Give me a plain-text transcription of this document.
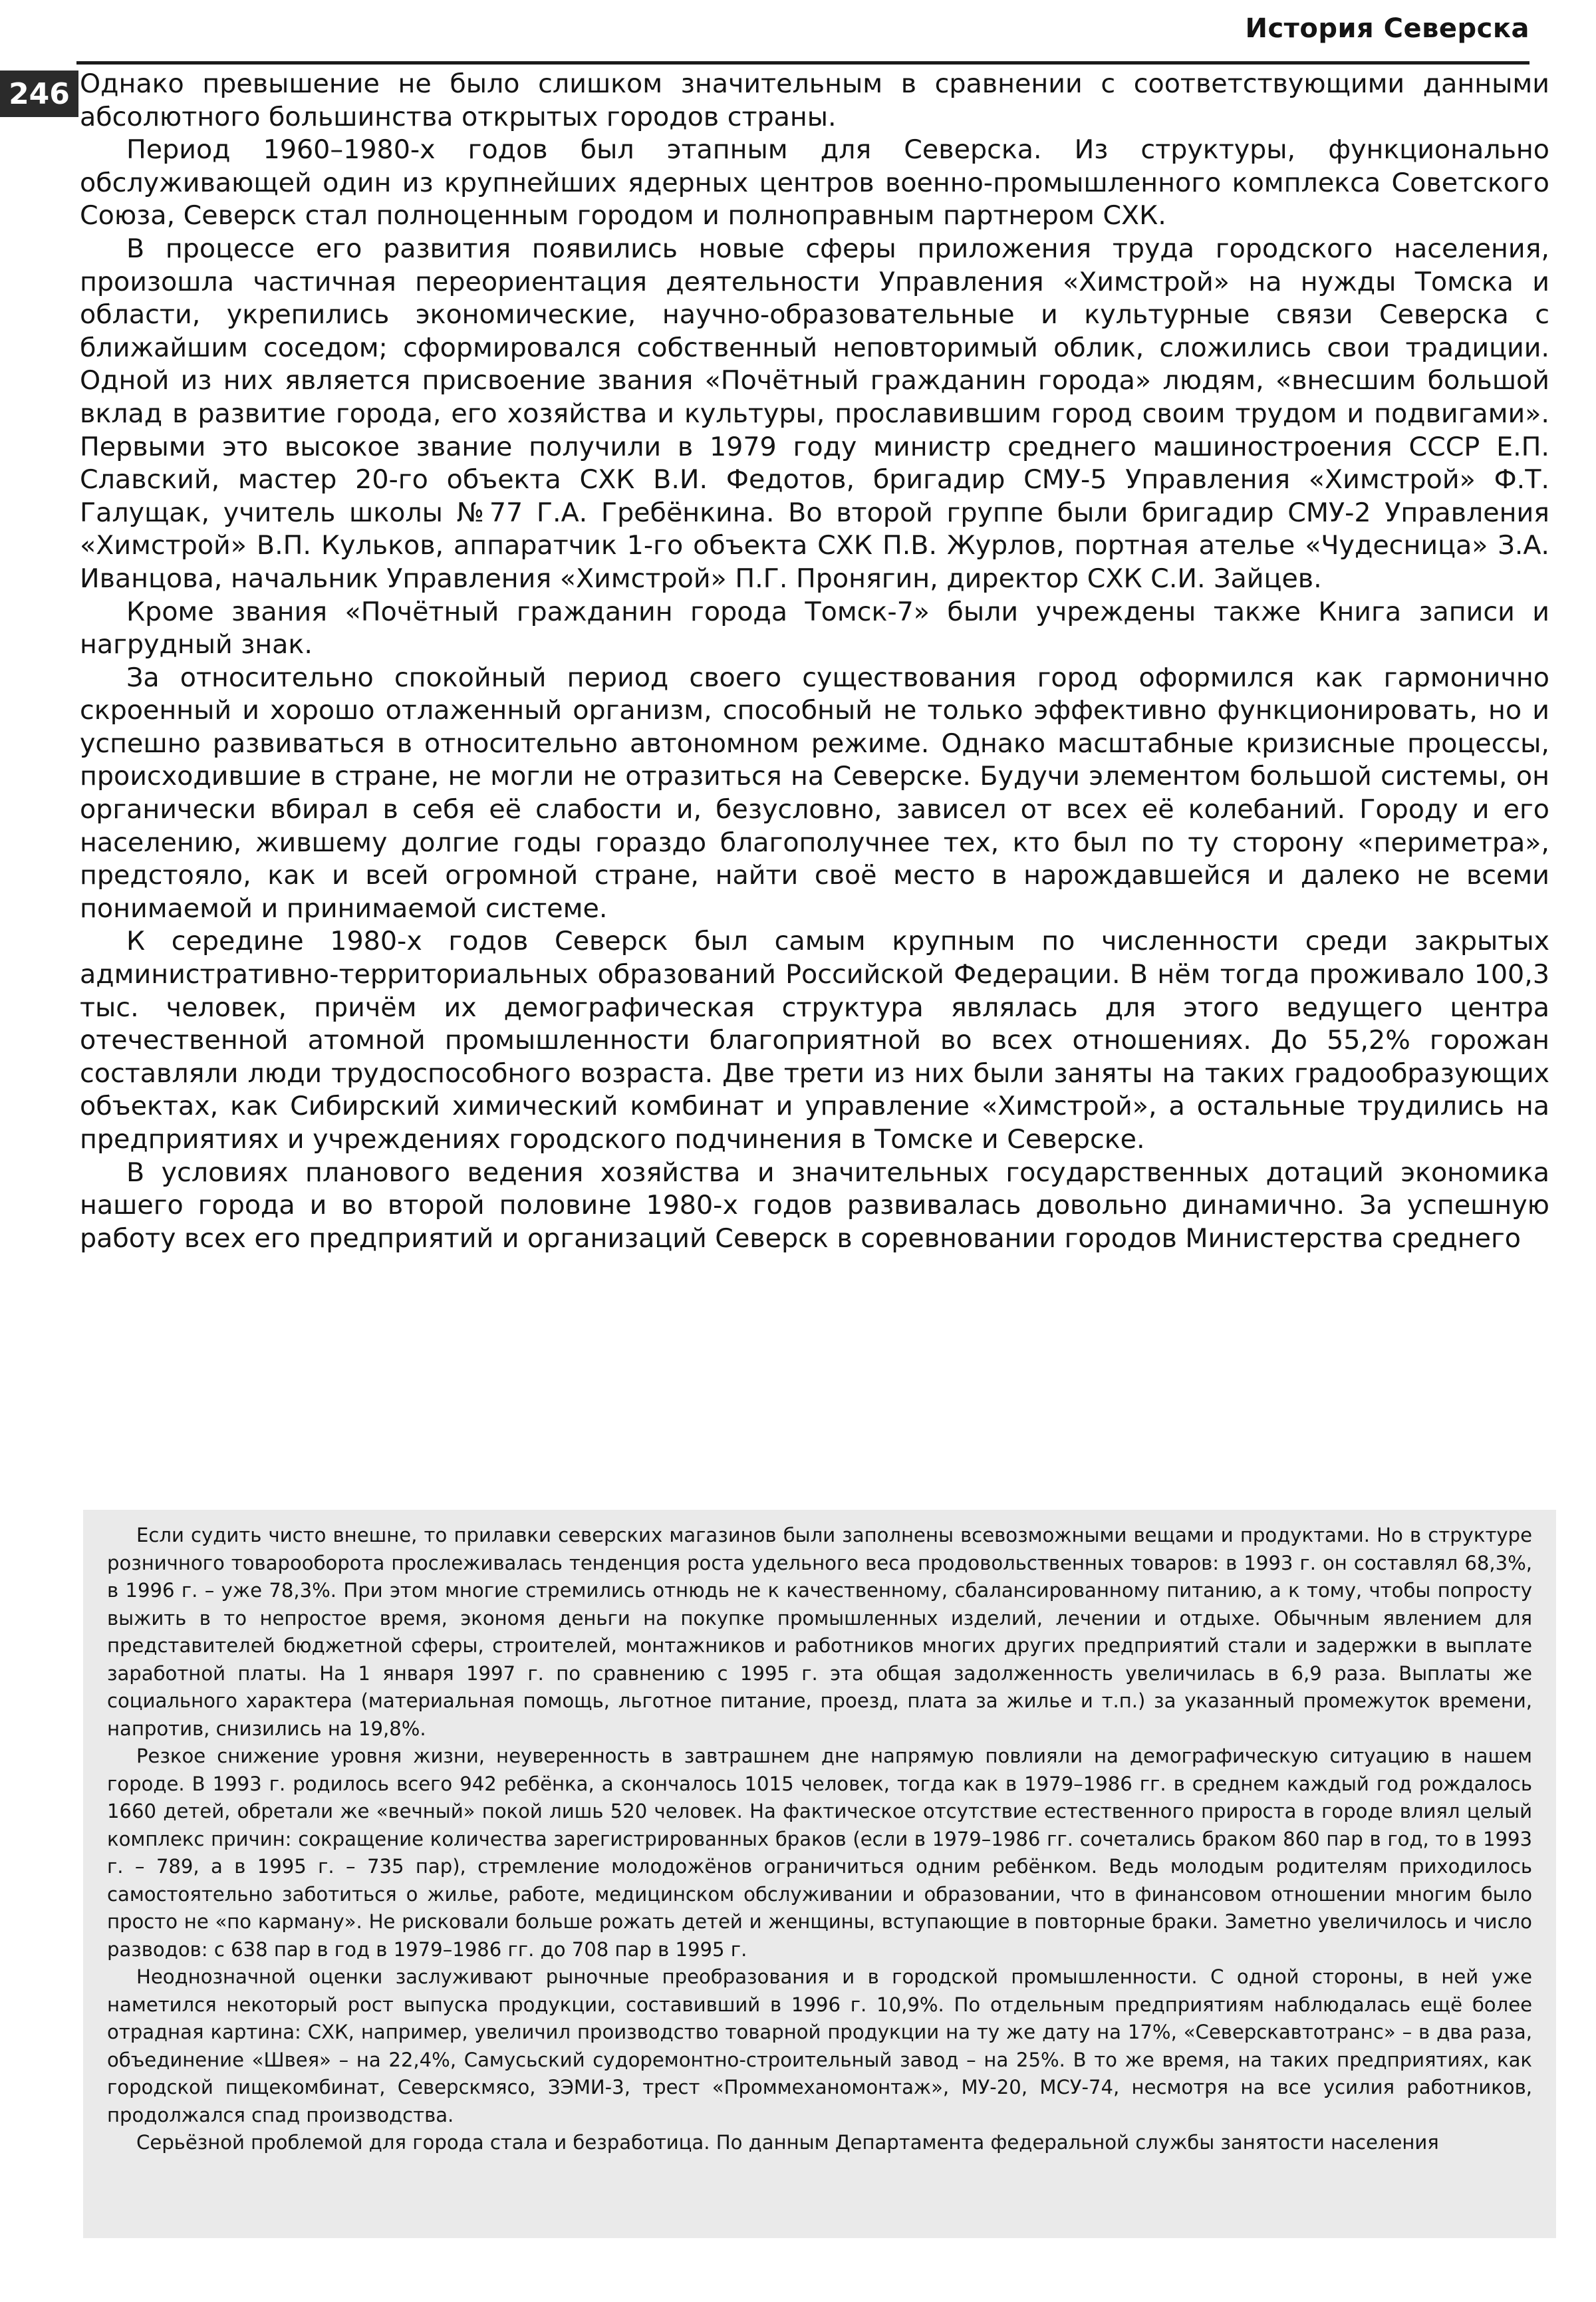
История Северска
246 Однако превышение не было слишком значительным в сравнении с соответствующими данными абсолютного большинства открытых городов страны.

Период 1960–1980-х годов был этапным для Северска. Из структуры, функционально обслуживающей один из крупнейших ядерных центров военно-промышленного комплекса Советского Союза, Северск стал полноценным городом и полноправным партнером СХК.

В процессе его развития появились новые сферы приложения труда городского населения, произошла частичная переориентация деятельности Управления «Химстрой» на нужды Томска и области, укрепились экономические, научно-образовательные и культурные связи Северска с ближайшим соседом; сформировался собственный неповторимый облик, сложились свои традиции. Одной из них является присвоение звания «Почётный гражданин города» людям, «внесшим большой вклад в развитие города, его хозяйства и культуры, прославившим город своим трудом и подвигами». Первыми это высокое звание получили в 1979 году министр среднего машиностроения СССР Е.П. Славский, мастер 20-го объекта СХК В.И. Федотов, бригадир СМУ-5 Управления «Химстрой» Ф.Т. Галущак, учитель школы №77 Г.А. Гребёнкина. Во второй группе были бригадир СМУ-2 Управления «Химстрой» В.П. Кульков, аппаратчик 1-го объекта СХК П.В. Журлов, портная ателье «Чудесница» З.А. Иванцова, начальник Управления «Химстрой» П.Г. Пронягин, директор СХК С.И. Зайцев.

Кроме звания «Почётный гражданин города Томск-7» были учреждены также Книга записи и нагрудный знак.

За относительно спокойный период своего существования город оформился как гармонично скроенный и хорошо отлаженный организм, способный не только эффективно функционировать, но и успешно развиваться в относительно автономном режиме. Однако масштабные кризисные процессы, происходившие в стране, не могли не отразиться на Северске. Будучи элементом большой системы, он органически вбирал в себя её слабости и, безусловно, зависел от всех её колебаний. Городу и его населению, жившему долгие годы гораздо благополучнее тех, кто был по ту сторону «периметра», предстояло, как и всей огромной стране, найти своё место в нарождавшейся и далеко не всеми понимаемой и принимаемой системе.

К середине 1980-х годов Северск был самым крупным по численности среди закрытых административно-территориальных образований Российской Федерации. В нём тогда проживало 100,3 тыс. человек, причём их демографическая структура являлась для этого ведущего центра отечественной атомной промышленности благоприятной во всех отношениях. До 55,2% горожан составляли люди трудоспособного возраста. Две трети из них были заняты на таких градообразующих объектах, как Сибирский химический комбинат и управление «Химстрой», а остальные трудились на предприятиях и учреждениях городского подчинения в Томске и Северске.

В условиях планового ведения хозяйства и значительных государственных дотаций экономика нашего города и во второй половине 1980-х годов развивалась довольно динамично. За успешную работу всех его предприятий и организаций Северск в соревновании городов Министерства среднего

Если судить чисто внешне, то прилавки северских магазинов были заполнены всевозможными вещами и продуктами. Но в структуре розничного товарооборота прослеживалась тенденция роста удельного веса продовольственных товаров: в 1993 г. он составлял 68,3%, в 1996 г. – уже 78,3%. При этом многие стремились отнюдь не к качественному, сбалансированному питанию, а к тому, чтобы попросту выжить в то непростое время, экономя деньги на покупке промышленных изделий, лечении и отдыхе. Обычным явлением для представителей бюджетной сферы, строителей, монтажников и работников многих других предприятий стали и задержки в выплате заработной платы. На 1 января 1997 г. по сравнению с 1995 г. эта общая задолженность увеличилась в 6,9 раза. Выплаты же социального характера (материальная помощь, льготное питание, проезд, плата за жилье и т.п.) за указанный промежуток времени, напротив, снизились на 19,8%.

Резкое снижение уровня жизни, неуверенность в завтрашнем дне напрямую повлияли на демографическую ситуацию в нашем городе. В 1993 г. родилось всего 942 ребёнка, а скончалось 1015 человек, тогда как в 1979–1986 гг. в среднем каждый год рождалось 1660 детей, обретали же «вечный» покой лишь 520 человек. На фактическое отсутствие естественного прироста в городе влиял целый комплекс причин: сокращение количества зарегистрированных браков (если в 1979–1986 гг. сочетались браком 860 пар в год, то в 1993 г. – 789, а в 1995 г. – 735 пар), стремление молодожёнов ограничиться одним ребёнком. Ведь молодым родителям приходилось самостоятельно заботиться о жилье, работе, медицинском обслуживании и образовании, что в финансовом отношении многим было просто не «по карману». Не рисковали больше рожать детей и женщины, вступающие в повторные браки. Заметно увеличилось и число разводов: с 638 пар в год в 1979–1986 гг. до 708 пар в 1995 г.

Неоднозначной оценки заслуживают рыночные преобразования и в городской промышленности. С одной стороны, в ней уже наметился некоторый рост выпуска продукции, составивший в 1996 г. 10,9%. По отдельным предприятиям наблюдалась ещё более отрадная картина: СХК, например, увеличил производство товарной продукции на ту же дату на 17%, «Северскавтотранс» – в два раза, объединение «Швея» – на 22,4%, Самусьский судоремонтно-строительный завод – на 25%. В то же время, на таких предприятиях, как городской пищекомбинат, Северскмясо, ЗЭМИ-3, трест «Проммеханомонтаж», МУ-20, МСУ-74, несмотря на все усилия работников, продолжался спад производства.

Серьёзной проблемой для города стала и безработица. По данным Департамента федеральной службы занятости населения
